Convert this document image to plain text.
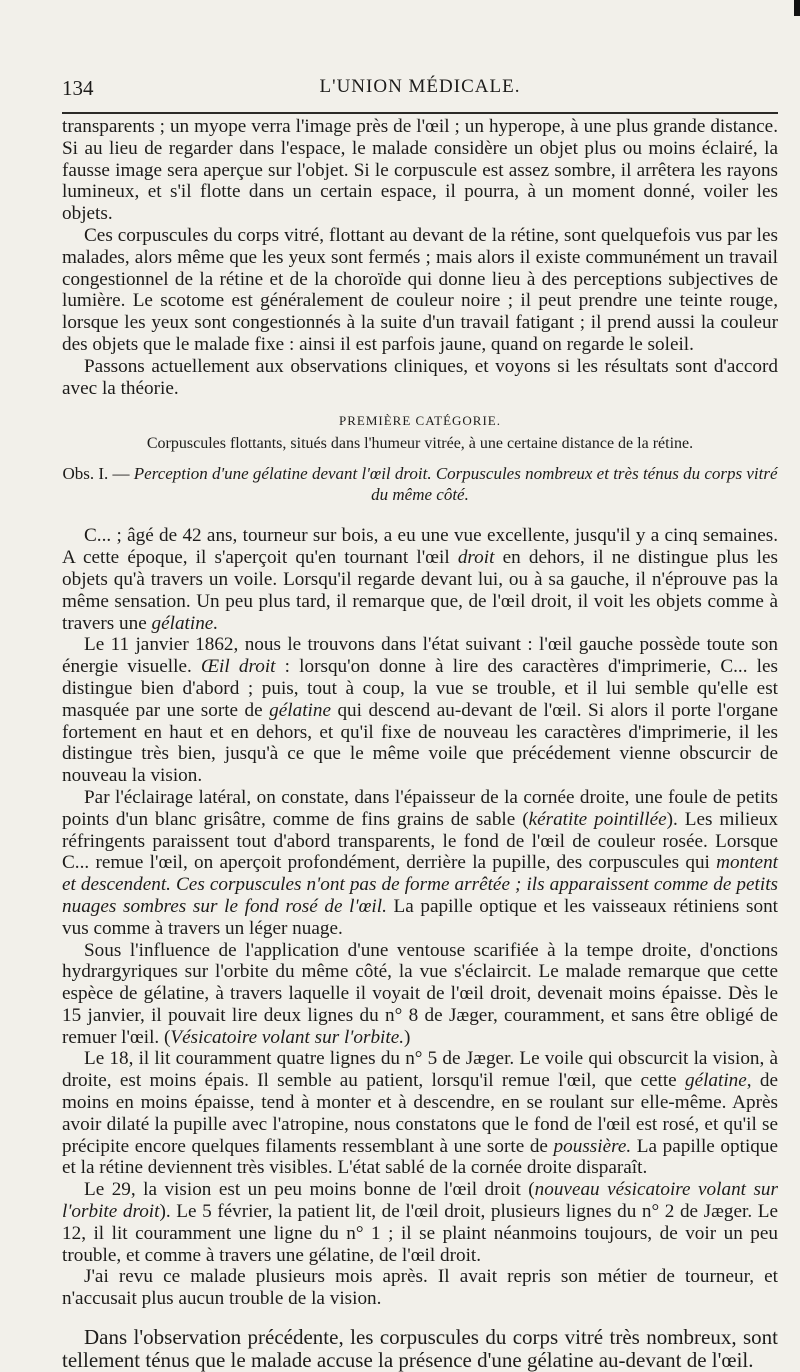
134	L'UNION MÉDICALE.

transparents ; un myope verra l'image près de l'œil ; un hyperope, à une plus grande distance. Si au lieu de regarder dans l'espace, le malade considère un objet plus ou moins éclairé, la fausse image sera aperçue sur l'objet. Si le corpuscule est assez sombre, il arrêtera les rayons lumineux, et s'il flotte dans un certain espace, il pourra, à un moment donné, voiler les objets.

Ces corpuscules du corps vitré, flottant au devant de la rétine, sont quelquefois vus par les malades, alors même que les yeux sont fermés ; mais alors il existe communément un travail congestionnel de la rétine et de la choroïde qui donne lieu à des perceptions subjectives de lumière. Le scotome est généralement de couleur noire ; il peut prendre une teinte rouge, lorsque les yeux sont congestionnés à la suite d'un travail fatigant ; il prend aussi la couleur des objets que le malade fixe : ainsi il est parfois jaune, quand on regarde le soleil.

Passons actuellement aux observations cliniques, et voyons si les résultats sont d'accord avec la théorie.

PREMIÈRE CATÉGORIE.
Corpuscules flottants, situés dans l'humeur vitrée, à une certaine distance de la rétine.
Obs. I. — Perception d'une gélatine devant l'œil droit. Corpuscules nombreux et très ténus du corps vitré du même côté.

C... ; âgé de 42 ans, tourneur sur bois, a eu une vue excellente, jusqu'il y a cinq semaines. A cette époque, il s'aperçoit qu'en tournant l'œil droit en dehors, il ne distingue plus les objets qu'à travers un voile. Lorsqu'il regarde devant lui, ou à sa gauche, il n'éprouve pas la même sensation. Un peu plus tard, il remarque que, de l'œil droit, il voit les objets comme à travers une gélatine.

Le 11 janvier 1862, nous le trouvons dans l'état suivant : l'œil gauche possède toute son énergie visuelle. Œil droit : lorsqu'on donne à lire des caractères d'imprimerie, C... les distingue bien d'abord ; puis, tout à coup, la vue se trouble, et il lui semble qu'elle est masquée par une sorte de gélatine qui descend au-devant de l'œil. Si alors il porte l'organe fortement en haut et en dehors, et qu'il fixe de nouveau les caractères d'imprimerie, il les distingue très bien, jusqu'à ce que le même voile que précédement vienne obscurcir de nouveau la vision.

Par l'éclairage latéral, on constate, dans l'épaisseur de la cornée droite, une foule de petits points d'un blanc grisâtre, comme de fins grains de sable (kératite pointillée). Les milieux réfringents paraissent tout d'abord transparents, le fond de l'œil de couleur rosée. Lorsque C... remue l'œil, on aperçoit profondément, derrière la pupille, des corpuscules qui montent et descendent. Ces corpuscules n'ont pas de forme arrêtée ; ils apparaissent comme de petits nuages sombres sur le fond rosé de l'œil. La papille optique et les vaisseaux rétiniens sont vus comme à travers un léger nuage.

Sous l'influence de l'application d'une ventouse scarifiée à la tempe droite, d'onctions hydrargyriques sur l'orbite du même côté, la vue s'éclaircit. Le malade remarque que cette espèce de gélatine, à travers laquelle il voyait de l'œil droit, devenait moins épaisse. Dès le 15 janvier, il pouvait lire deux lignes du n° 8 de Jæger, couramment, et sans être obligé de remuer l'œil. (Vésicatoire volant sur l'orbite.)

Le 18, il lit couramment quatre lignes du n° 5 de Jæger. Le voile qui obscurcit la vision, à droite, est moins épais. Il semble au patient, lorsqu'il remue l'œil, que cette gélatine, de moins en moins épaisse, tend à monter et à descendre, en se roulant sur elle-même. Après avoir dilaté la pupille avec l'atropine, nous constatons que le fond de l'œil est rosé, et qu'il se précipite encore quelques filaments ressemblant à une sorte de poussière. La papille optique et la rétine deviennent très visibles. L'état sablé de la cornée droite disparaît.

Le 29, la vision est un peu moins bonne de l'œil droit (nouveau vésicatoire volant sur l'orbite droit). Le 5 février, la patient lit, de l'œil droit, plusieurs lignes du n° 2 de Jæger. Le 12, il lit couramment une ligne du n° 1 ; il se plaint néanmoins toujours, de voir un peu trouble, et comme à travers une gélatine, de l'œil droit.

J'ai revu ce malade plusieurs mois après. Il avait repris son métier de tourneur, et n'accusait plus aucun trouble de la vision.

Dans l'observation précédente, les corpuscules du corps vitré très nombreux, sont tellement ténus que le malade accuse la présence d'une gélatine au-devant de l'œil.
